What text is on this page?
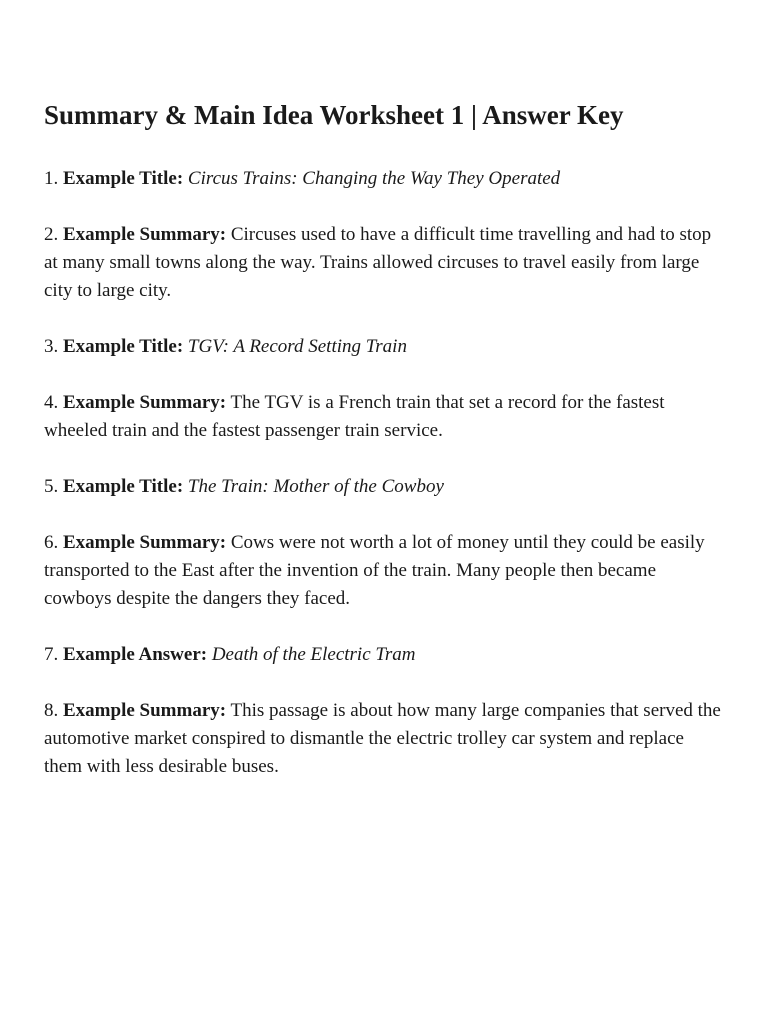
Summary & Main Idea Worksheet 1 | Answer Key
1. Example Title: Circus Trains: Changing the Way They Operated
2. Example Summary: Circuses used to have a difficult time travelling and had to stop at many small towns along the way. Trains allowed circuses to travel easily from large city to large city.
3. Example Title: TGV: A Record Setting Train
4. Example Summary: The TGV is a French train that set a record for the fastest wheeled train and the fastest passenger train service.
5. Example Title: The Train: Mother of the Cowboy
6. Example Summary: Cows were not worth a lot of money until they could be easily transported to the East after the invention of the train. Many people then became cowboys despite the dangers they faced.
7. Example Answer: Death of the Electric Tram
8. Example Summary: This passage is about how many large companies that served the automotive market conspired to dismantle the electric trolley car system and replace them with less desirable buses.
